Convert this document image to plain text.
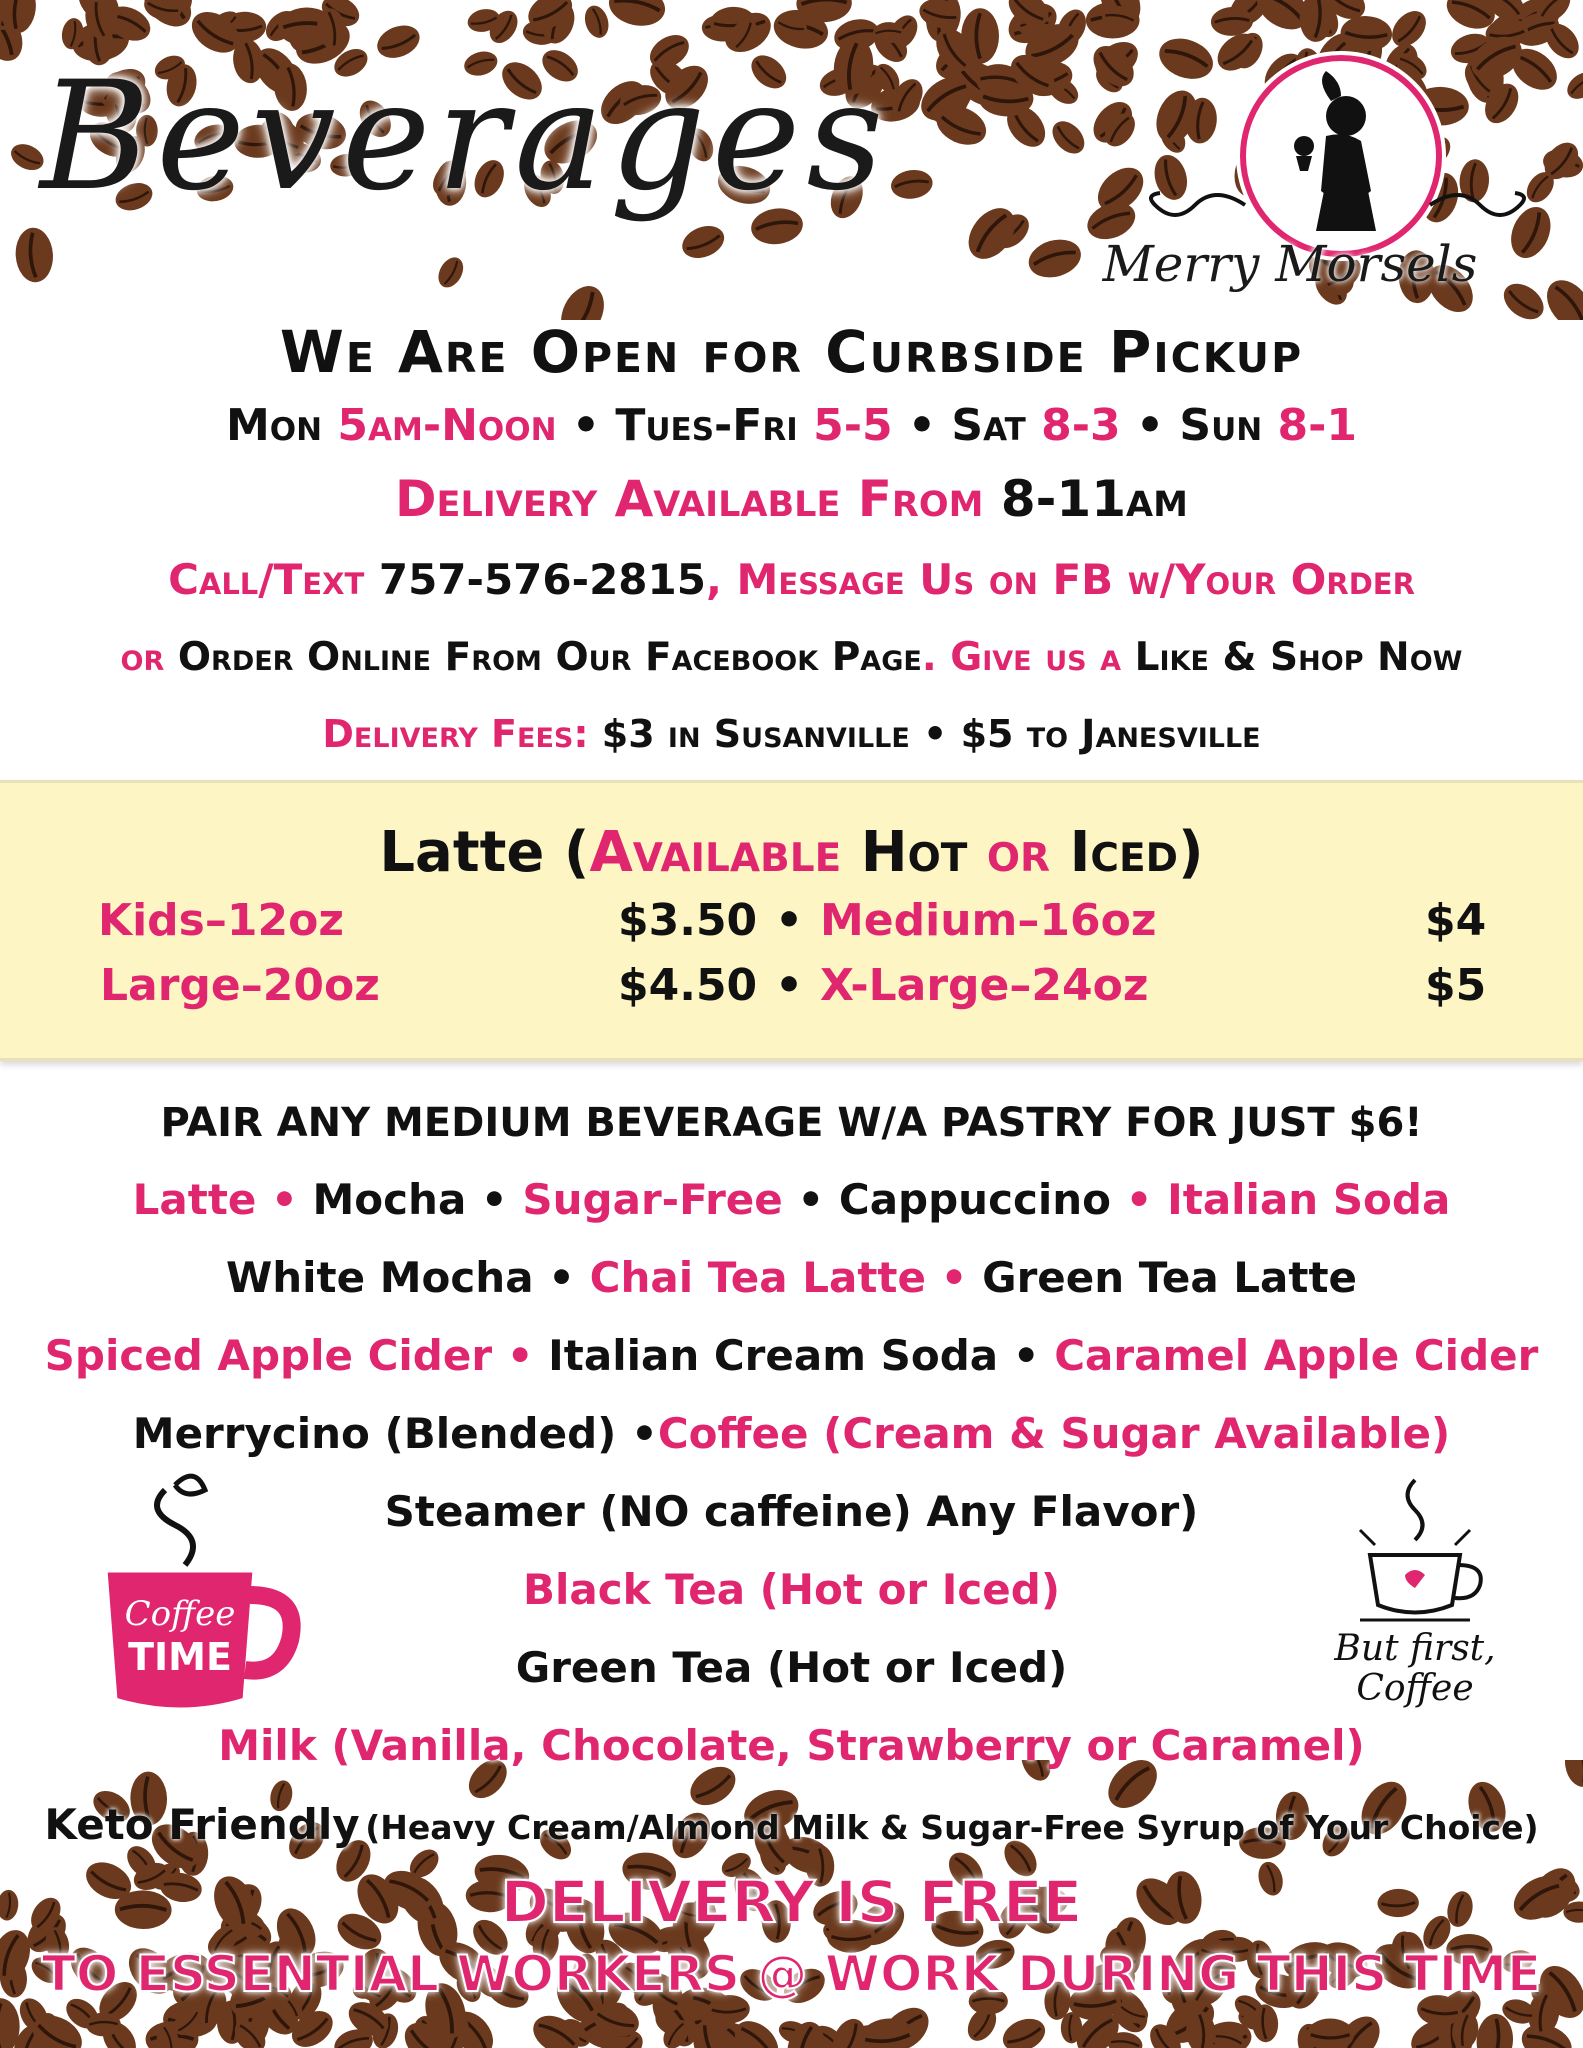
Beverages
Merry Morsels
We Are Open for Curbside Pickup
Mon 5am-Noon • Tues-Fri 5-5 • Sat 8-3 • Sun 8-1
Delivery Available From 8-11am
Call/Text 757-576-2815, Message Us on FB w/Your Order
or Order Online From Our Facebook Page. Give us a Like & Shop Now
Delivery Fees: $3 in Susanville • $5 to Janesville
Latte (Available Hot or Iced)
Kids–12oz	$3.50 • Medium–16oz	$4
Large–20oz	$4.50 • X-Large–24oz	$5
PAIR ANY MEDIUM BEVERAGE W/A PASTRY FOR JUST $6!
Latte • Mocha • Sugar-Free • Cappuccino • Italian Soda
White Mocha • Chai Tea Latte • Green Tea Latte
Spiced Apple Cider • Italian Cream Soda • Caramel Apple Cider
Merrycino (Blended) •Coffee (Cream & Sugar Available)
Steamer (NO caffeine) Any Flavor)
Black Tea (Hot or Iced)
Green Tea (Hot or Iced)
Milk (Vanilla, Chocolate, Strawberry or Caramel)
Keto Friendly (Heavy Cream/Almond Milk & Sugar-Free Syrup of Your Choice)
DELIVERY IS FREE
TO ESSENTIAL WORKERS @ WORK DURING THIS TIME
Coffee
TIME	But first,
Coffee
